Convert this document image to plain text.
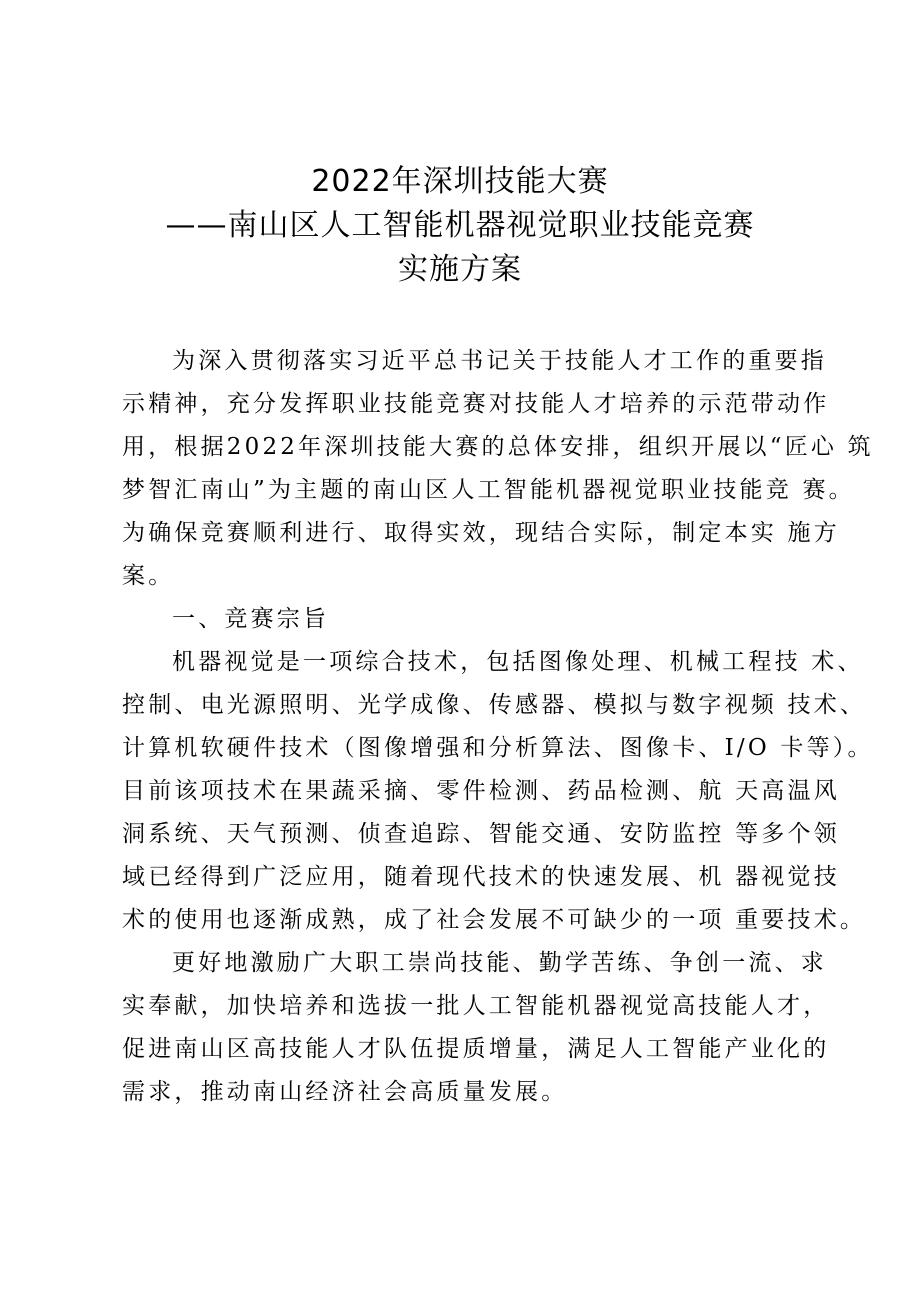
2022年深圳技能大赛
——南山区人工智能机器视觉职业技能竞赛
实施方案
为深入贯彻落实习近平总书记关于技能人才工作的重要指
示精神，充分发挥职业技能竞赛对技能人才培养的示范带动作
用，根据2022年深圳技能大赛的总体安排，组织开展以“匠心 筑
梦智汇南山”为主题的南山区人工智能机器视觉职业技能竞 赛。
为确保竞赛顺利进行、取得实效，现结合实际，制定本实 施方
案。
一、竞赛宗旨
机器视觉是一项综合技术，包括图像处理、机械工程技 术、
控制、电光源照明、光学成像、传感器、模拟与数字视频 技术、
计算机软硬件技术（图像增强和分析算法、图像卡、I/O 卡等）。
目前该项技术在果蔬采摘、零件检测、药品检测、航 天高温风
洞系统、天气预测、侦查追踪、智能交通、安防监控 等多个领
域已经得到广泛应用，随着现代技术的快速发展、机 器视觉技
术的使用也逐渐成熟，成了社会发展不可缺少的一项 重要技术。
更好地激励广大职工崇尚技能、勤学苦练、争创一流、求
实奉献，加快培养和选拔一批人工智能机器视觉高技能人才，
促进南山区高技能人才队伍提质增量，满足人工智能产业化的
需求，推动南山经济社会高质量发展。
